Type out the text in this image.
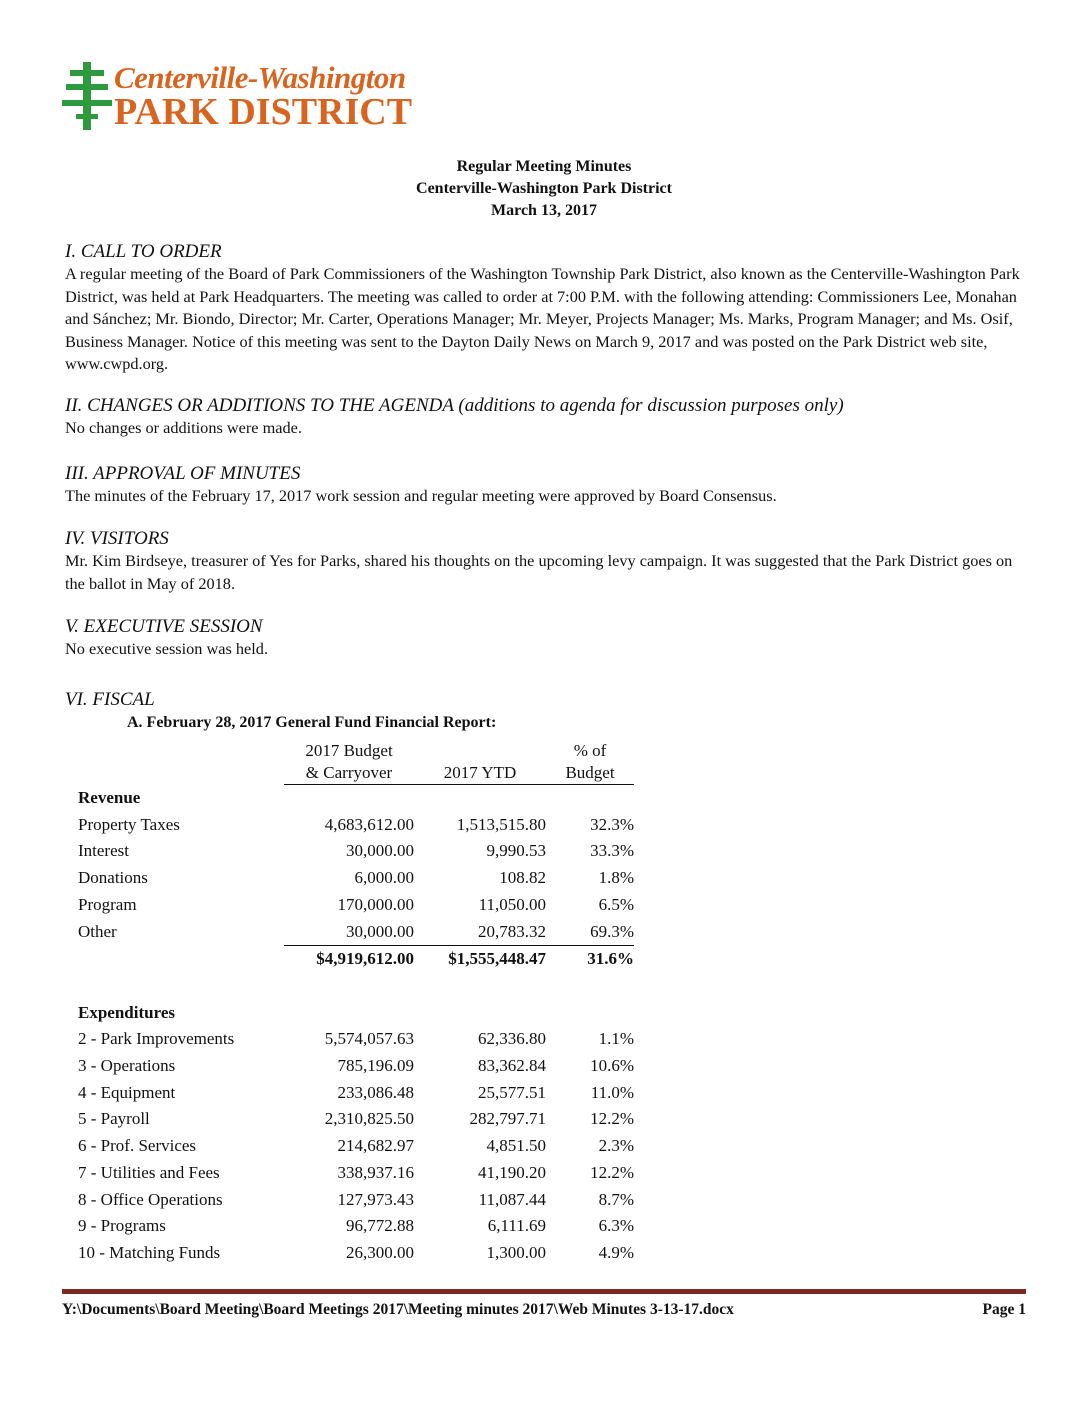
Centerville-Washington
PARK DISTRICT
Regular Meeting Minutes
Centerville-Washington Park District
March 13, 2017
I. CALL TO ORDER
A regular meeting of the Board of Park Commissioners of the Washington Township Park District, also known as the Centerville-Washington Park District, was held at Park Headquarters. The meeting was called to order at 7:00 P.M. with the following attending: Commissioners Lee, Monahan and Sánchez; Mr. Biondo, Director; Mr. Carter, Operations Manager; Mr. Meyer, Projects Manager; Ms. Marks, Program Manager; and Ms. Osif, Business Manager. Notice of this meeting was sent to the Dayton Daily News on March 9, 2017 and was posted on the Park District web site, www.cwpd.org.
II. CHANGES OR ADDITIONS TO THE AGENDA (additions to agenda for discussion purposes only)
No changes or additions were made.
III. APPROVAL OF MINUTES
The minutes of the February 17, 2017 work session and regular meeting were approved by Board Consensus.
IV. VISITORS
Mr. Kim Birdseye, treasurer of Yes for Parks, shared his thoughts on the upcoming levy campaign. It was suggested that the Park District goes on the ballot in May of 2018.
V. EXECUTIVE SESSION
No executive session was held.
VI. FISCAL
A. February 28, 2017 General Fund Financial Report:
	2017 Budget		% of
	& Carryover	2017 YTD	Budget
Revenue			
Property Taxes	4,683,612.00	1,513,515.80	32.3%
Interest	30,000.00	9,990.53	33.3%
Donations	6,000.00	108.82	1.8%
Program	170,000.00	11,050.00	6.5%
Other	30,000.00	20,783.32	69.3%
	$4,919,612.00	$1,555,448.47	31.6%

Expenditures			
2 - Park Improvements	5,574,057.63	62,336.80	1.1%
3 - Operations	785,196.09	83,362.84	10.6%
4 - Equipment	233,086.48	25,577.51	11.0%
5 - Payroll	2,310,825.50	282,797.71	12.2%
6 - Prof. Services	214,682.97	4,851.50	2.3%
7 - Utilities and Fees	338,937.16	41,190.20	12.2%
8 - Office Operations	127,973.43	11,087.44	8.7%
9 - Programs	96,772.88	6,111.69	6.3%
10 - Matching Funds	26,300.00	1,300.00	4.9%
Y:\Documents\Board Meeting\Board Meetings 2017\Meeting minutes 2017\Web Minutes 3-13-17.docx	Page 1
